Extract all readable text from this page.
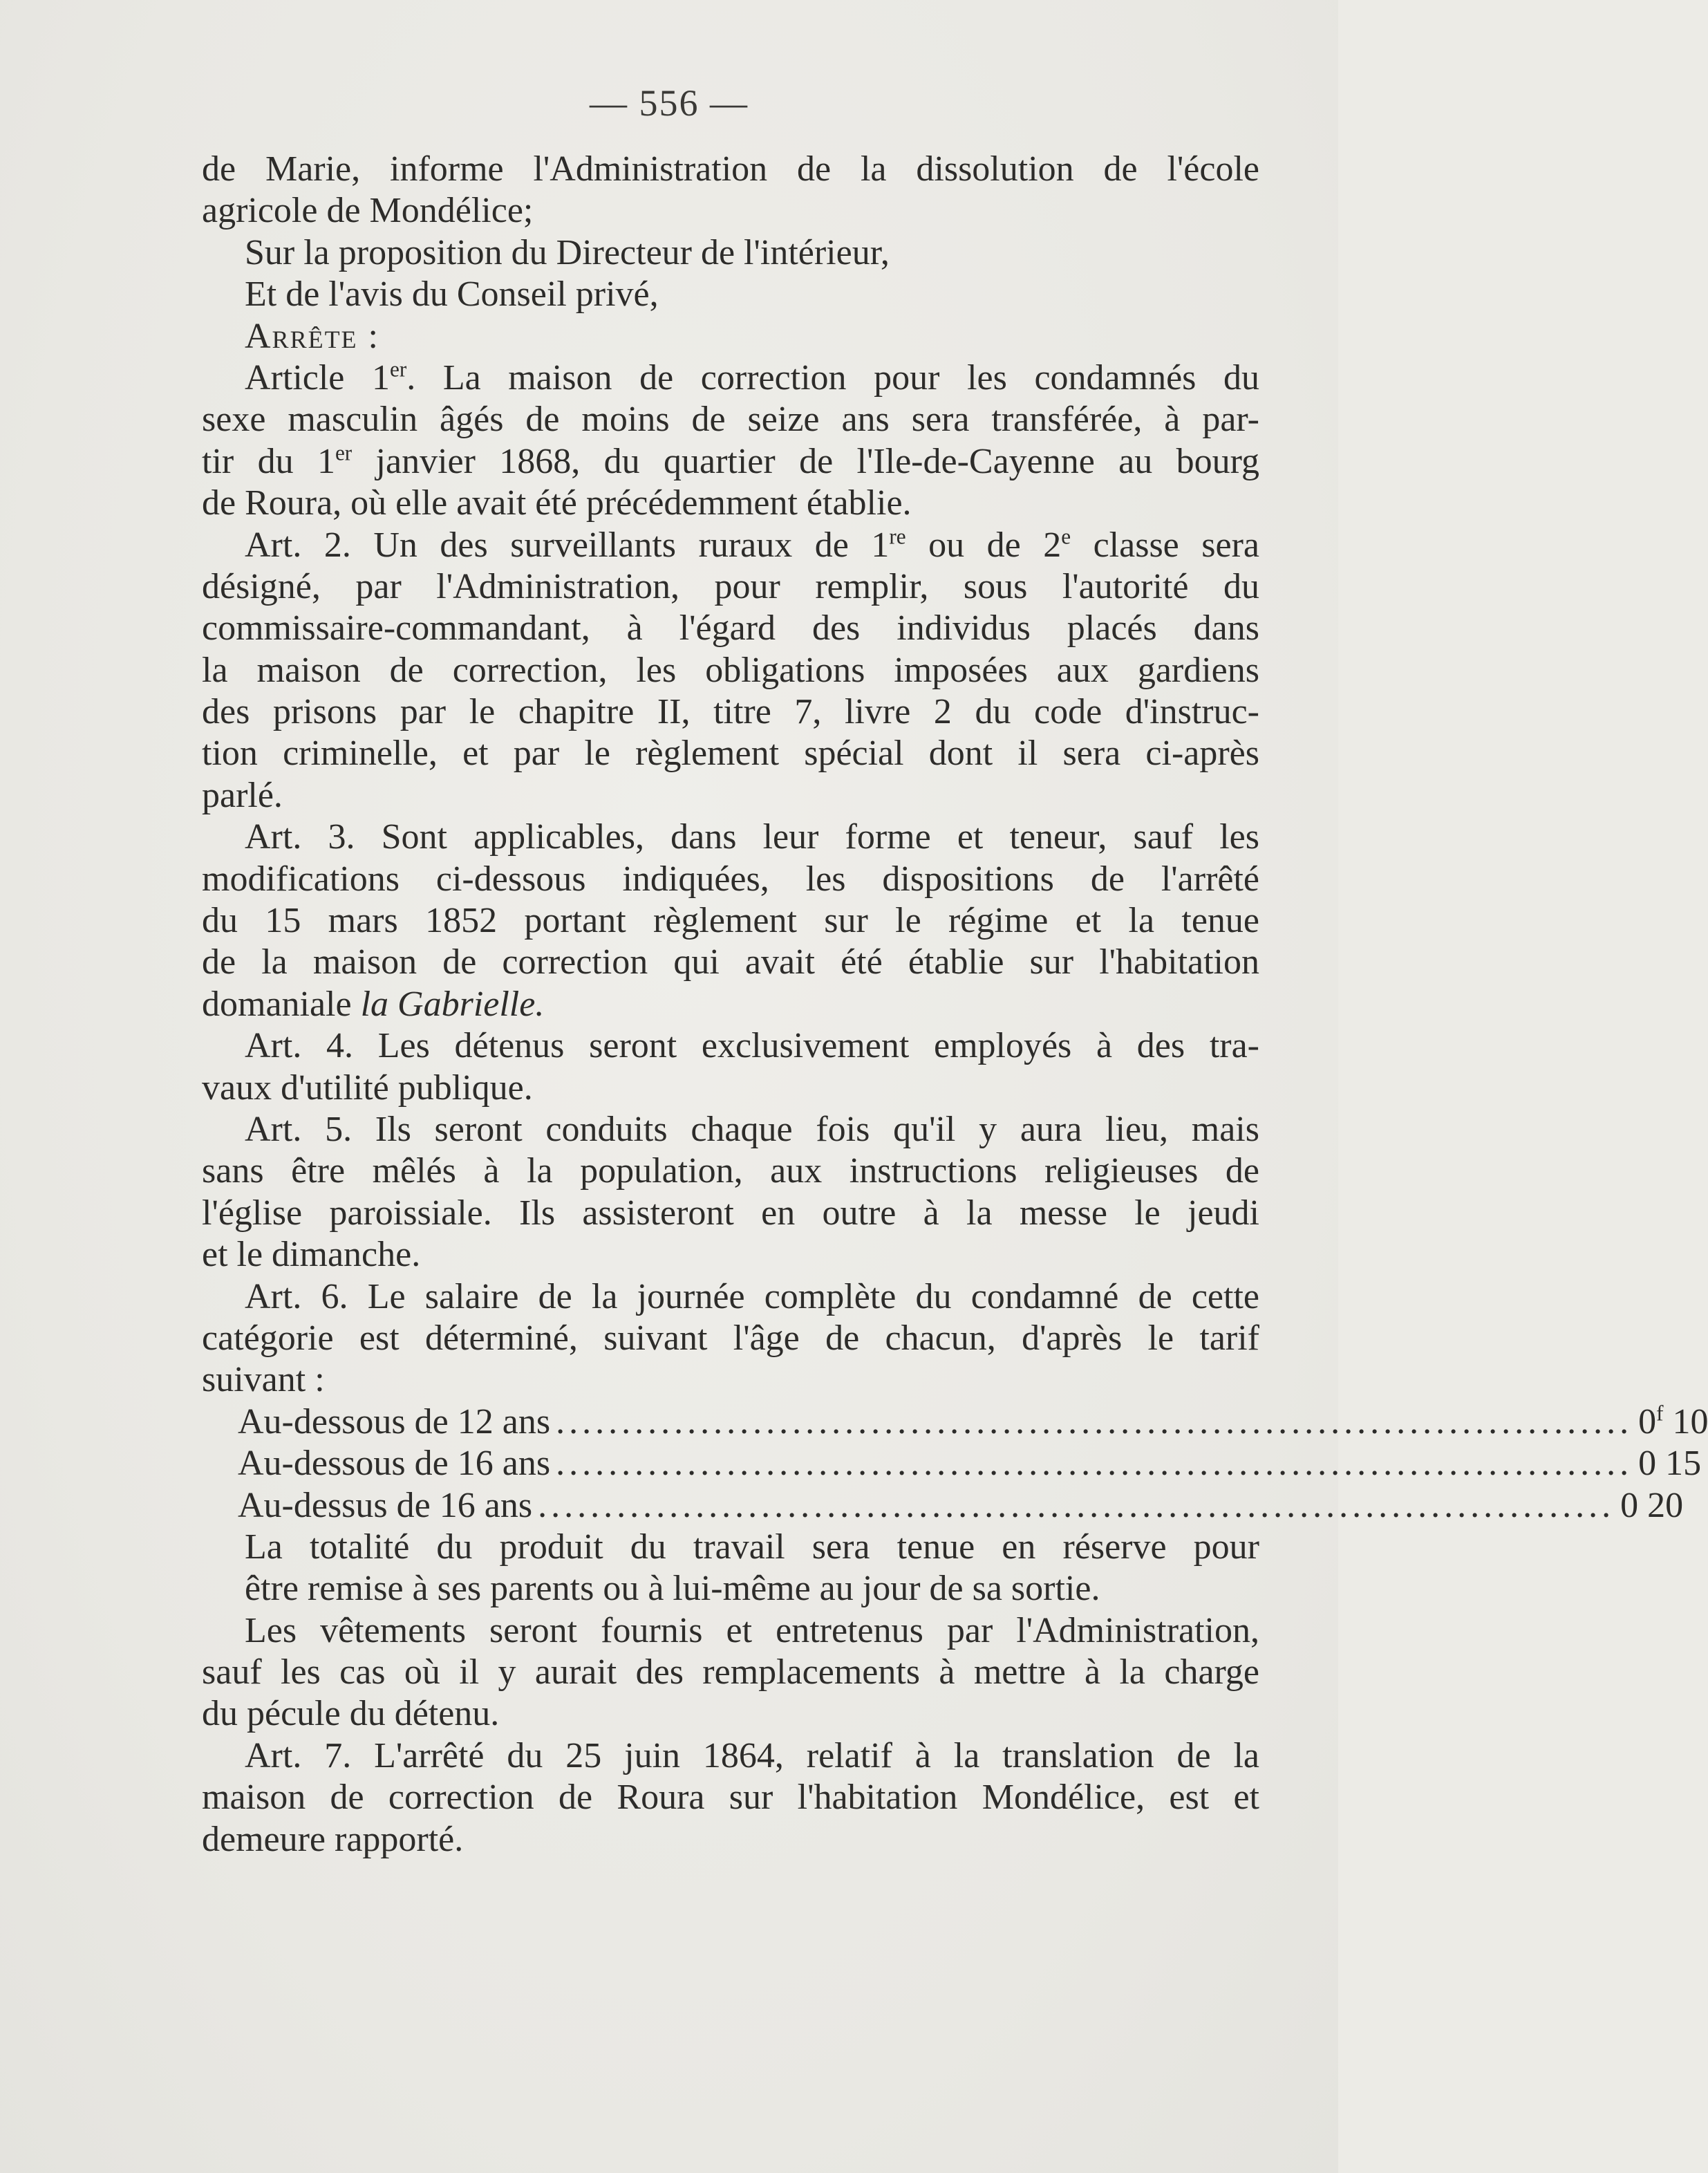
— 556 —
de Marie, informe l'Administration de la dissolution de l'école
agricole de Mondélice;
Sur la proposition du Directeur de l'intérieur,
Et de l'avis du Conseil privé,
Arrête :
Article 1er. La maison de correction pour les condamnés du
sexe masculin âgés de moins de seize ans sera transférée, à par-
tir du 1er janvier 1868, du quartier de l'Ile-de-Cayenne au bourg
de Roura, où elle avait été précédemment établie.
Art. 2. Un des surveillants ruraux de 1re ou de 2e classe sera
désigné, par l'Administration, pour remplir, sous l'autorité du
commissaire-commandant, à l'égard des individus placés dans
la maison de correction, les obligations imposées aux gardiens
des prisons par le chapitre II, titre 7, livre 2 du code d'instruc-
tion criminelle, et par le règlement spécial dont il sera ci-après
parlé.
Art. 3. Sont applicables, dans leur forme et teneur, sauf les
modifications ci-dessous indiquées, les dispositions de l'arrêté
du 15 mars 1852 portant règlement sur le régime et la tenue
de la maison de correction qui avait été établie sur l'habitation
domaniale la Gabrielle.
Art. 4. Les détenus seront exclusivement employés à des tra-
vaux d'utilité publique.
Art. 5. Ils seront conduits chaque fois qu'il y aura lieu, mais
sans être mêlés à la population, aux instructions religieuses de
l'église paroissiale. Ils assisteront en outre à la messe le jeudi
et le dimanche.
Art. 6. Le salaire de la journée complète du condamné de cette
catégorie est déterminé, suivant l'âge de chacun, d'après le tarif
suivant :
Au-dessous de 12 ans .................................................................................. 0$^f$ 10
Au-dessous de 16 ans .................................................................................. 0 15
Au-dessus de 16 ans .................................................................................. 0 20
La totalité du produit du travail sera tenue en réserve pour
être remise à ses parents ou à lui-même au jour de sa sortie.
Les vêtements seront fournis et entretenus par l'Administration,
sauf les cas où il y aurait des remplacements à mettre à la charge
du pécule du détenu.
Art. 7. L'arrêté du 25 juin 1864, relatif à la translation de la
maison de correction de Roura sur l'habitation Mondélice, est et
demeure rapporté.
